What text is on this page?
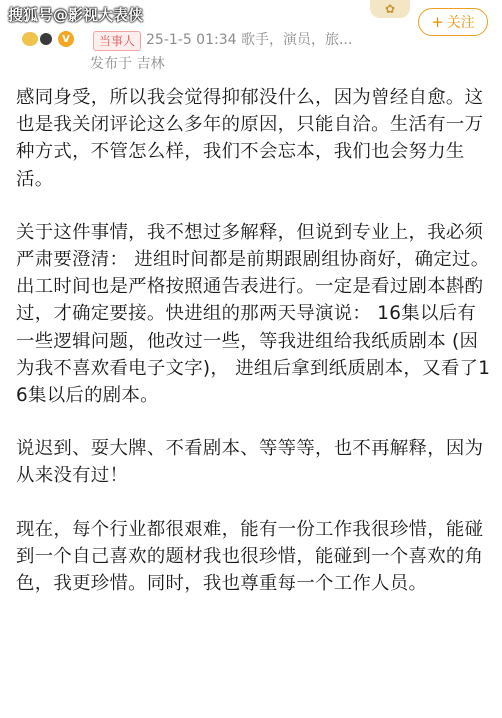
搜狐号@影视大表侠	✿
V	当事人 25-1-5 01:34 歌手，演员，旅...
发布于 吉林
+ 关注

感同身受，所以我会觉得抑郁没什么，因为曾经自愈。这也是我关闭评论这么多年的原因，只能自洽。生活有一万种方式，不管怎么样，我们不会忘本，我们也会努力生活。

关于这件事情，我不想过多解释，但说到专业上，我必须严肃要澄清： 进组时间都是前期跟剧组协商好，确定过。出工时间也是严格按照通告表进行。一定是看过剧本斟酌过，才确定要接。快进组的那两天导演说： 16集以后有一些逻辑问题，他改过一些，等我进组给我纸质剧本 (因为我不喜欢看电子文字)， 进组后拿到纸质剧本，又看了16集以后的剧本。

说迟到、耍大牌、不看剧本、等等等，也不再解释，因为从来没有过！

现在，每个行业都很艰难，能有一份工作我很珍惜，能碰到一个自己喜欢的题材我也很珍惜，能碰到一个喜欢的角色，我更珍惜。同时，我也尊重每一个工作人员。
